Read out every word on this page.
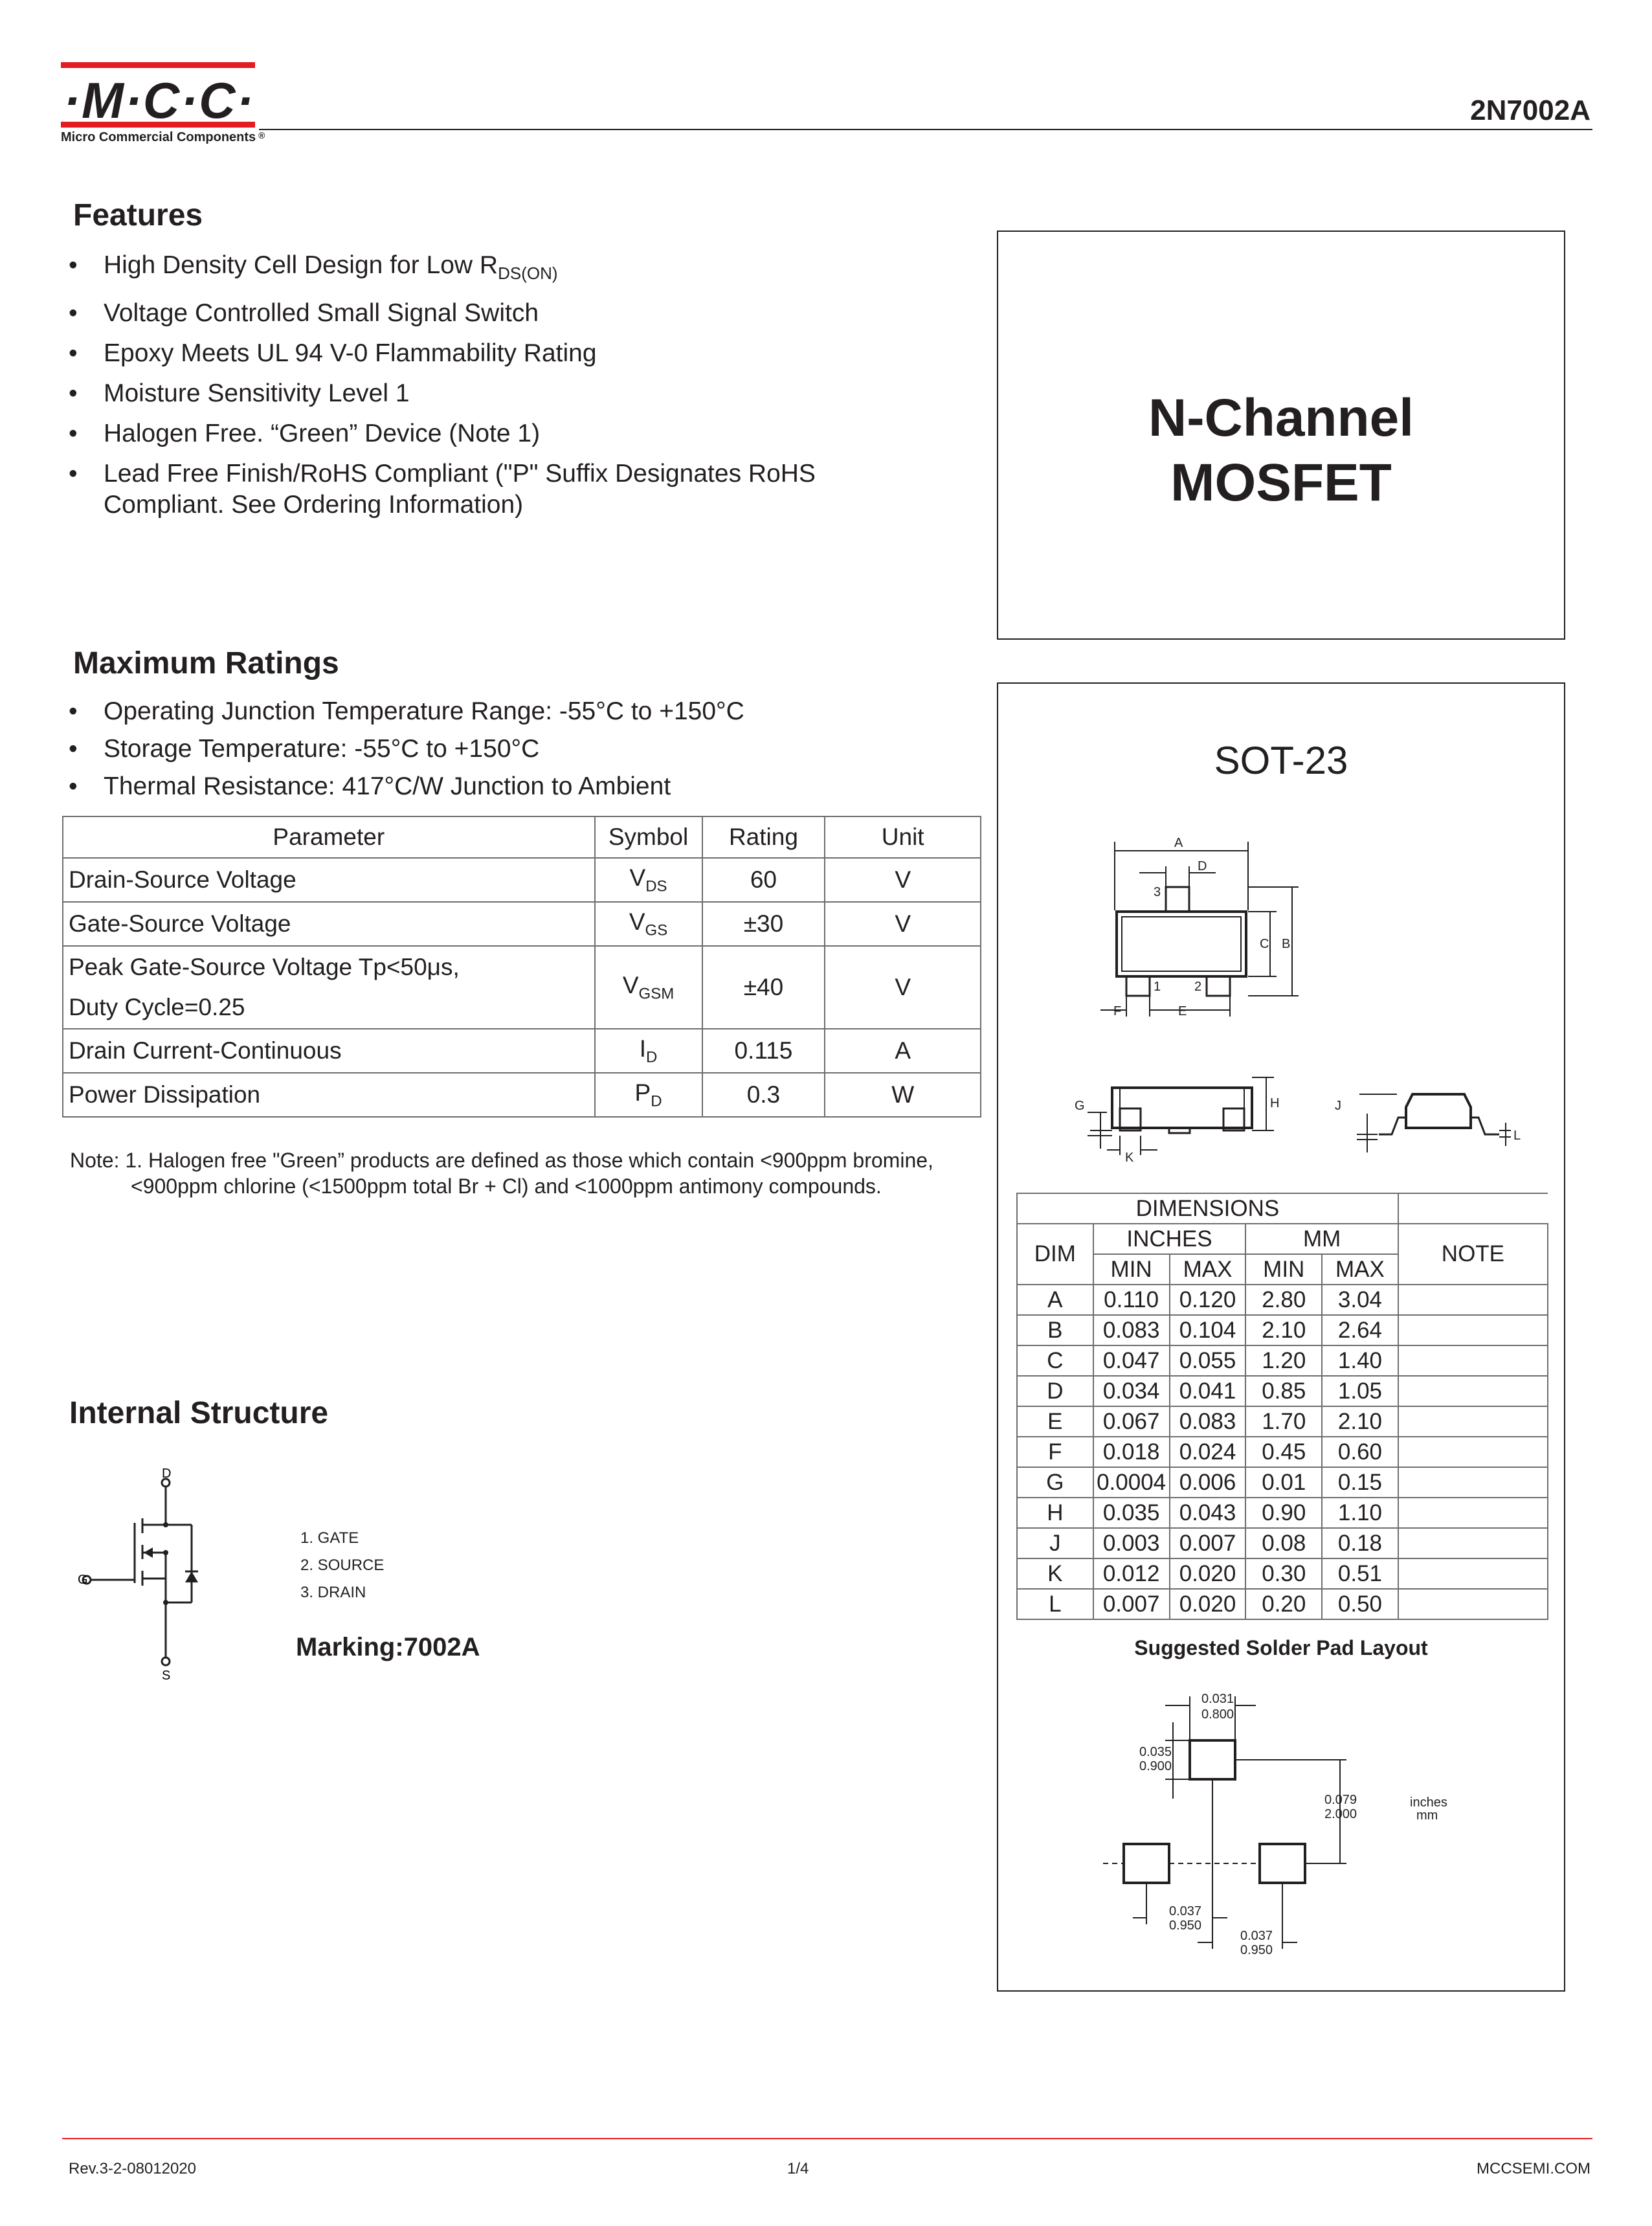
·M·C·C·
Micro Commercial Components ®
2N7002A
Features
• High Density Cell Design for Low $R_{DS(ON)}$
• Voltage Controlled Small Signal Switch
• Epoxy Meets UL 94 V-0 Flammability Rating
• Moisture Sensitivity Level 1
• Halogen Free. “Green” Device (Note 1)
• Lead Free Finish/RoHS Compliant ("P" Suffix Designates RoHS Compliant. See Ordering Information)
N-Channel
MOSFET
Maximum Ratings
• Operating Junction Temperature Range: -55°C to +150°C
• Storage Temperature: -55°C to +150°C
• Thermal Resistance: 417°C/W Junction to Ambient
Parameter	Symbol	Rating	Unit
Drain-Source Voltage	$V_{DS}$	60	V
Gate-Source Voltage	$V_{GS}$	±30	V

Peak Gate-Source Voltage Tp<50μs,
Duty Cycle=0.25	$V_{GSM}$	±40	V
Drain Current-Continuous	$I_D$	0.115	A
Power Dissipation	$P_D$	0.3	W
Note: 1. Halogen free "Green” products are defined as those which contain <900ppm bromine,
<900ppm chlorine (<1500ppm total Br + Cl) and <1000ppm antimony compounds.
Internal Structure
D
G
S
1. GATE
2. SOURCE
3. DRAIN
Marking:7002A
SOT-23
A
D
3
C B
1	2
F	E
H
G
K
J
L
DIMENSIONS					
DIM	INCHES		MM		NOTE
	MIN	MAX	MIN	MAX	
A	0.110	0.120	2.80	3.04	
B	0.083	0.104	2.10	2.64	
C	0.047	0.055	1.20	1.40	
D	0.034	0.041	0.85	1.05	
E	0.067	0.083	1.70	2.10	
F	0.018	0.024	0.45	0.60	
G	0.0004	0.006	0.01	0.15	
H	0.035	0.043	0.90	1.10	
J	0.003	0.007	0.08	0.18	
K	0.012	0.020	0.30	0.51	
L	0.007	0.020	0.20	0.50	
Suggested Solder Pad Layout
0.031
0.800
0.035
0.900
0.079
2.000
inches
mm
0.037
0.950
0.037
0.950
Rev.3-2-08012020	1/4	MCCSEMI.COM
